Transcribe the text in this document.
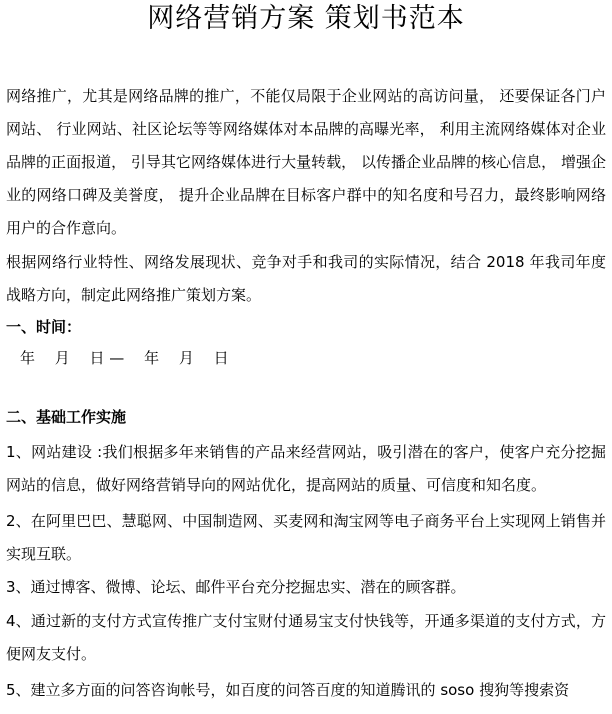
网络营销方案 策划书范本

网络推广，尤其是网络品牌的推广，不能仅局限于企业网站的高访问量， 还要保证各门户网站、 行业网站、社区论坛等等网络媒体对本品牌的高曝光率， 利用主流网络媒体对企业品牌的正面报道， 引导其它网络媒体进行大量转载， 以传播企业品牌的核心信息， 增强企业的网络口碑及美誉度， 提升企业品牌在目标客户群中的知名度和号召力，最终影响网络用户的合作意向。

根据网络行业特性、网络发展现状、竞争对手和我司的实际情况，结合 2018 年我司年度战略方向，制定此网络推广策划方案。

一、时间：
年　 月　 日 —　 年　 月　 日
二、基础工作实施

1、网站建设 :我们根据多年来销售的产品来经营网站，吸引潜在的客户，使客户充分挖掘网站的信息，做好网络营销导向的网站优化，提高网站的质量、可信度和知名度。

2、在阿里巴巴、慧聪网、中国制造网、买麦网和淘宝网等电子商务平台上实现网上销售并实现互联。

3、通过博客、微博、论坛、邮件平台充分挖掘忠实、潜在的顾客群。

4、通过新的支付方式宣传推广支付宝财付通易宝支付快钱等，开通多渠道的支付方式，方便网友支付。

5、建立多方面的问答咨询帐号，如百度的问答百度的知道腾讯的 soso 搜狗等搜索资
